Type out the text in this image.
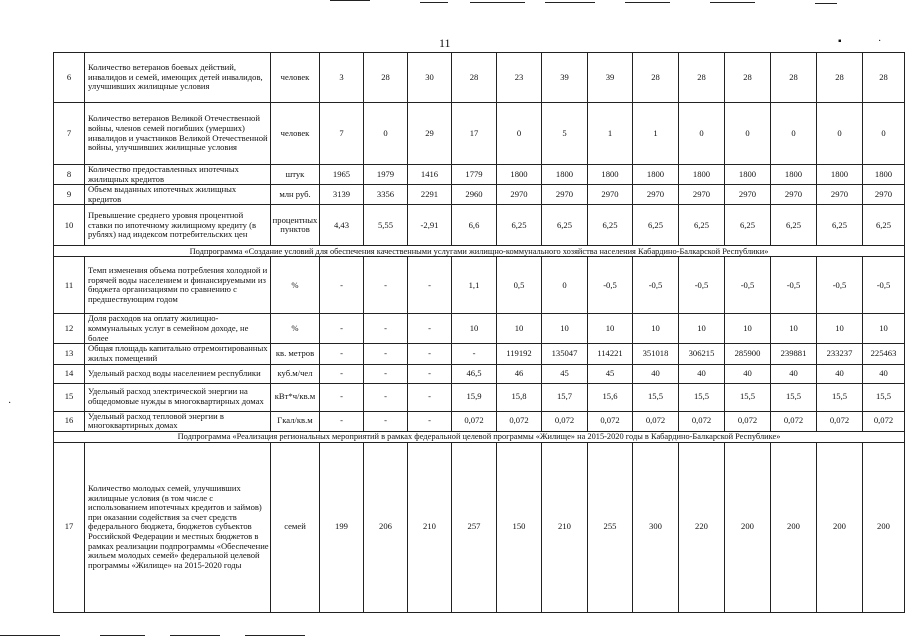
11	▪	·
·
6	Количество ветеранов боевых действий, инвалидов и семей, имеющих детей инвалидов, улучшивших жилищные условия	человек	3	28	30	28	23	39	39	28	28	28	28	28	28
7	Количество ветеранов Великой Отечественной войны, членов семей погибших (умерших) инвалидов и участников Великой Отечественной войны, улучшивших жилищные условия	человек	7	0	29	17	0	5	1	1	0	0	0	0	0
8	Количество предоставленных ипотечных жилищных кредитов	штук	1965	1979	1416	1779	1800	1800	1800	1800	1800	1800	1800	1800	1800
9	Объем выданных ипотечных жилищных кредитов	млн руб.	3139	3356	2291	2960	2970	2970	2970	2970	2970	2970	2970	2970	2970
10	Превышение среднего уровня процентной ставки по ипотечному жилищному кредиту (в рублях) над индексом потребительских цен	процентных пунктов	4,43	5,55	-2,91	6,6	6,25	6,25	6,25	6,25	6,25	6,25	6,25	6,25	6,25
Подпрограмма «Создание условий для обеспечения качественными услугами жилищно-коммунального хозяйства населения Кабардино-Балкарской Республики»															
11	Темп изменения объема потребления холодной и горячей воды населением и финансируемыми из бюджета организациями по сравнению с предшествующим годом	%	-	-	-	1,1	0,5	0	-0,5	-0,5	-0,5	-0,5	-0,5	-0,5	-0,5
12	Доля расходов на оплату жилищно-коммунальных услуг в семейном доходе, не более	%	-	-	-	10	10	10	10	10	10	10	10	10	10
13	Общая площадь капитально отремонтированных жилых помещений	кв. метров	-	-	-	-	119192	135047	114221	351018	306215	285900	239881	233237	225463
14	Удельный расход воды населением республики	куб.м/чел	-	-	-	46,5	46	45	45	40	40	40	40	40	40
15	Удельный расход электрической энергии на общедомовые нужды в многоквартирных домах	кВт*ч/кв.м	-	-	-	15,9	15,8	15,7	15,6	15,5	15,5	15,5	15,5	15,5	15,5
16	Удельный расход тепловой энергии в многоквартирных домах	Гкал/кв.м	-	-	-	0,072	0,072	0,072	0,072	0,072	0,072	0,072	0,072	0,072	0,072
Подпрограмма «Реализация региональных мероприятий в рамках федеральной целевой программы «Жилище» на 2015-2020 годы в Кабардино-Балкарской Республике»															
17	Количество молодых семей, улучшивших жилищные условия (в том числе с использованием ипотечных кредитов и займов) при оказании содействия за счет средств федерального бюджета, бюджетов субъектов Российской Федерации и местных бюджетов в рамках реализации подпрограммы «Обеспечение жильем молодых семей» федеральной целевой программы «Жилище» на 2015-2020 годы	семей	199	206	210	257	150	210	255	300	220	200	200	200	200
